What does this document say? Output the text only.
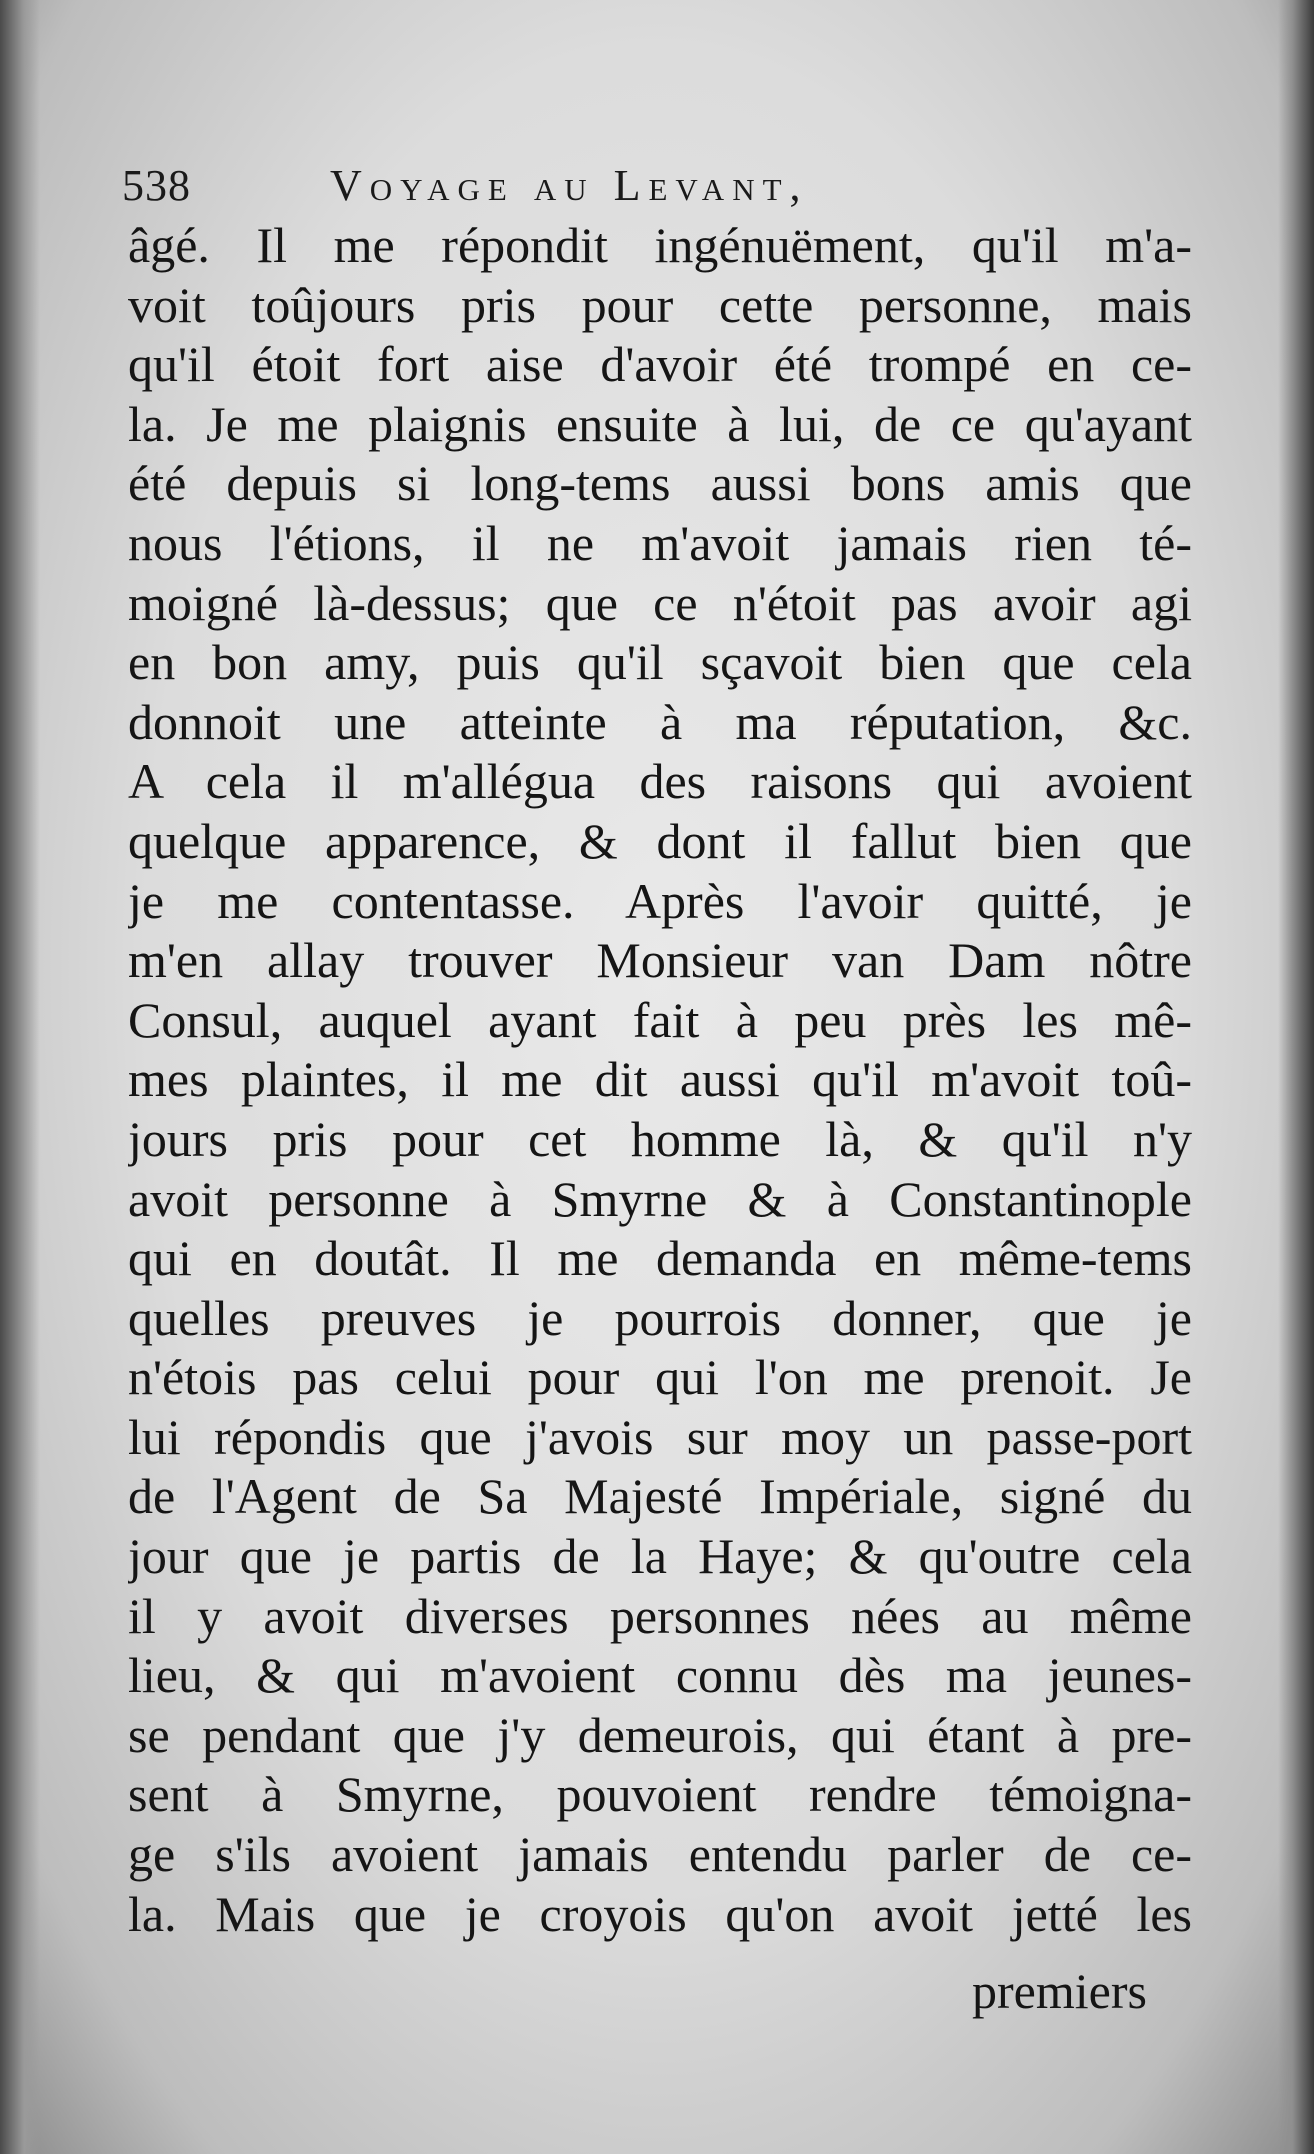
538	Voyage au Levant,
âgé. Il me répondit ingénuëment, qu'il m'a-
voit toûjours pris pour cette personne, mais
qu'il étoit fort aise d'avoir été trompé en ce-
la. Je me plaignis ensuite à lui, de ce qu'ayant
été depuis si long-tems aussi bons amis que
nous l'étions, il ne m'avoit jamais rien té-
moigné là-dessus; que ce n'étoit pas avoir agi
en bon amy, puis qu'il sçavoit bien que cela
donnoit une atteinte à ma réputation, &c.
A cela il m'allégua des raisons qui avoient
quelque apparence, & dont il fallut bien que
je me contentasse. Après l'avoir quitté, je
m'en allay trouver Monsieur van Dam nôtre
Consul, auquel ayant fait à peu près les mê-
mes plaintes, il me dit aussi qu'il m'avoit toû-
jours pris pour cet homme là, & qu'il n'y
avoit personne à Smyrne & à Constantinople
qui en doutât. Il me demanda en même-tems
quelles preuves je pourrois donner, que je
n'étois pas celui pour qui l'on me prenoit. Je
lui répondis que j'avois sur moy un passe-port
de l'Agent de Sa Majesté Impériale, signé du
jour que je partis de la Haye; & qu'outre cela
il y avoit diverses personnes nées au même
lieu, & qui m'avoient connu dès ma jeunes-
se pendant que j'y demeurois, qui étant à pre-
sent à Smyrne, pouvoient rendre témoigna-
ge s'ils avoient jamais entendu parler de ce-
la. Mais que je croyois qu'on avoit jetté les
premiers
